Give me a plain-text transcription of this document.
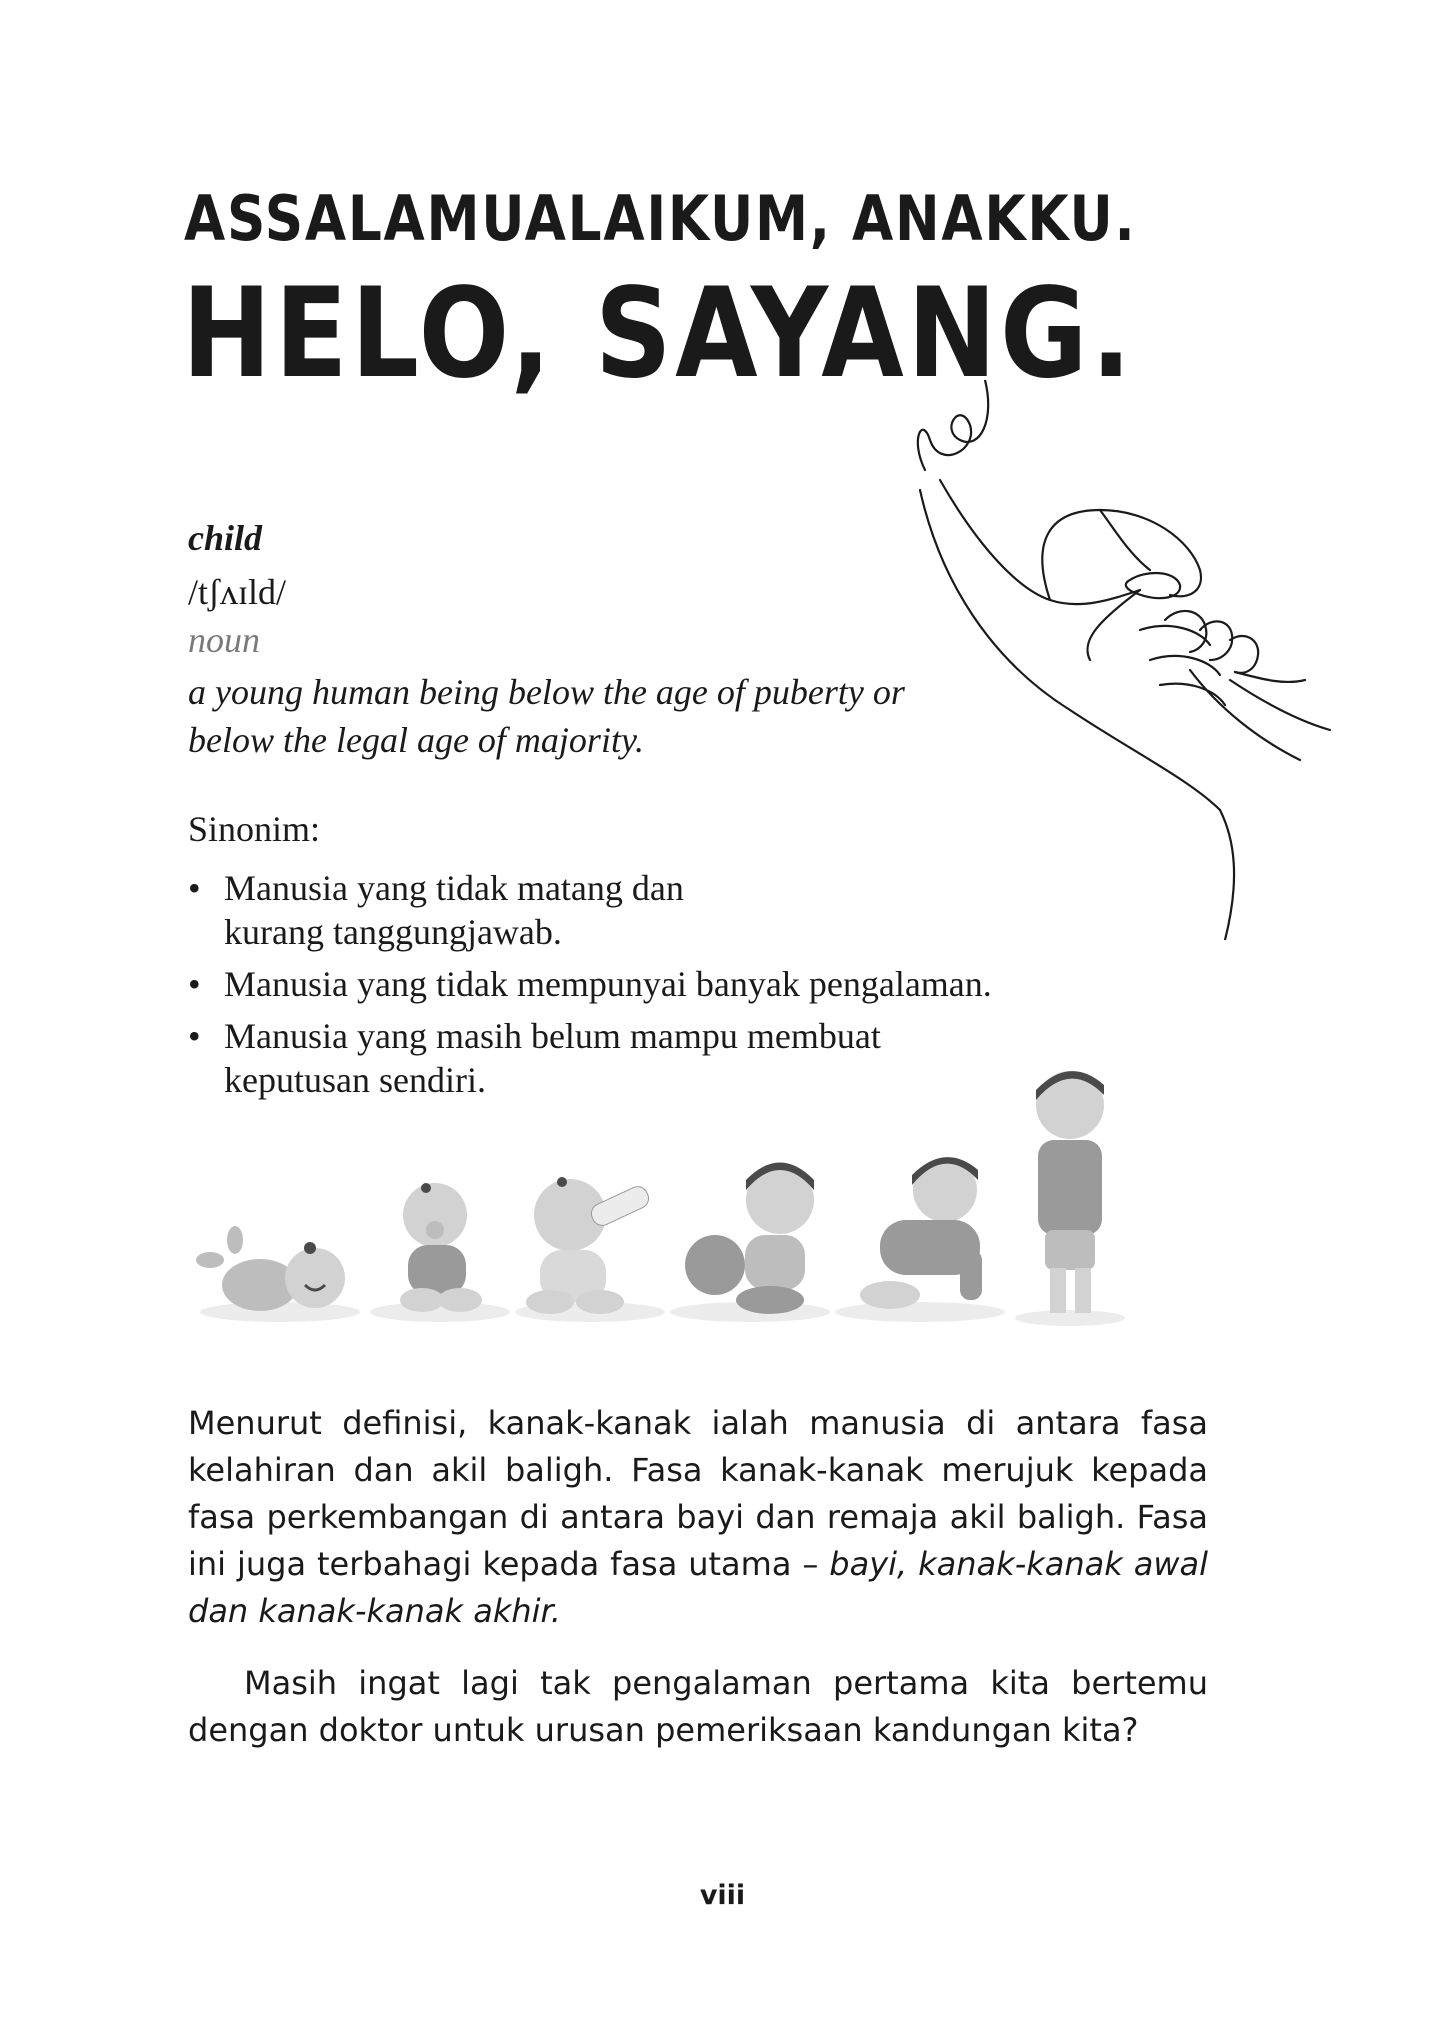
ASSALAMUALAIKUM, ANAKKU.
HELO, SAYANG.

child

/tʃʌɪld/

noun

a young human being below the age of puberty or below the legal age of majority.

Sinonim:

• Manusia yang tidak matang dan kurang tanggungjawab.
• Manusia yang tidak mempunyai banyak pengalaman.
• Manusia yang masih belum mampu membuat keputusan sendiri.

Menurut definisi, kanak-kanak ialah manusia di antara fasa kelahiran dan akil baligh. Fasa kanak-kanak merujuk kepada fasa perkembangan di antara bayi dan remaja akil baligh. Fasa ini juga terbahagi kepada fasa utama – bayi, kanak-kanak awal dan kanak-kanak akhir.

Masih ingat lagi tak pengalaman pertama kita bertemu dengan doktor untuk urusan pemeriksaan kandungan kita?

viii
